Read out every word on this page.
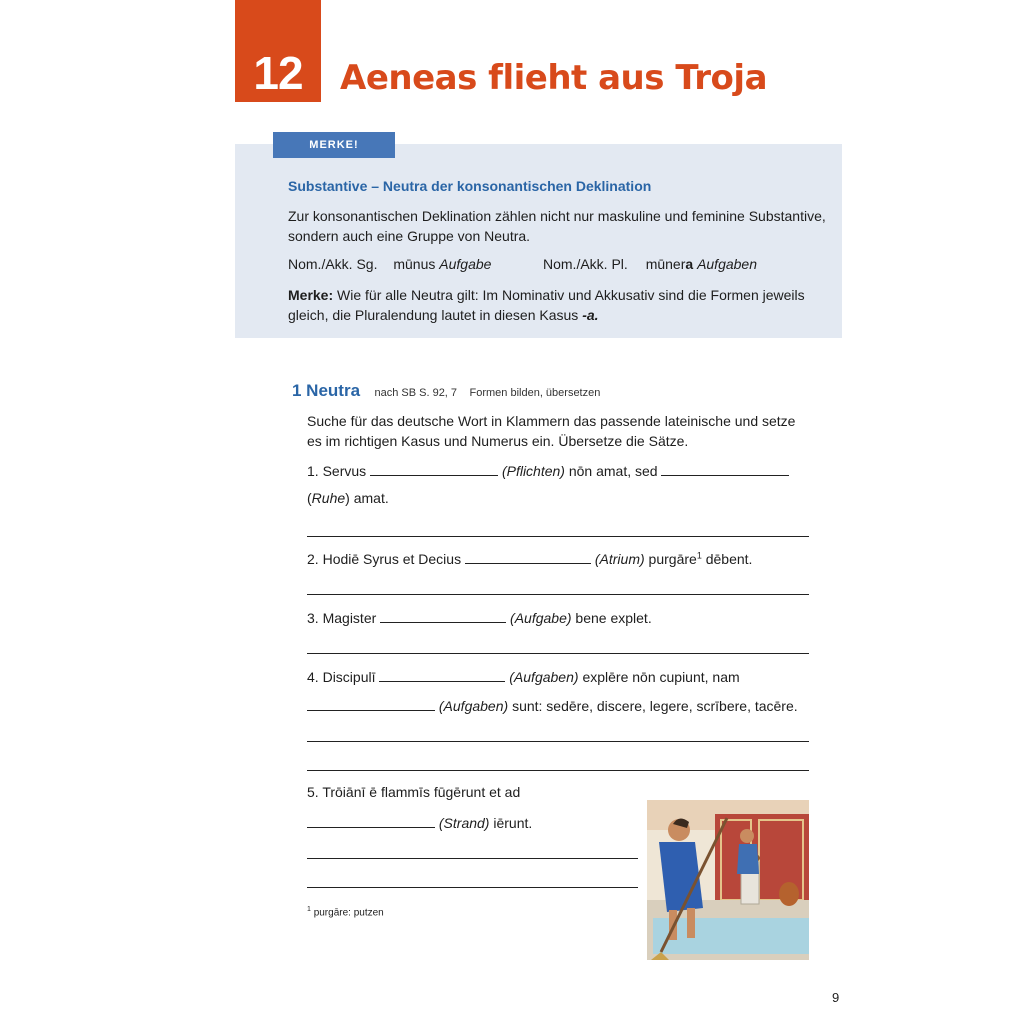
12 Aeneas flieht aus Troja
MERKE!
Substantive – Neutra der konsonantischen Deklination
Zur konsonantischen Deklination zählen nicht nur maskuline und feminine Substantive, sondern auch eine Gruppe von Neutra.
Nom./Akk. Sg. mūnus Aufgabe	Nom./Akk. Pl. mūnera Aufgaben
Merke: Wie für alle Neutra gilt: Im Nominativ und Akkusativ sind die Formen jeweils gleich, die Pluralendung lautet in diesen Kasus -a.
1 Neutra nach SB S. 92, 7 Formen bilden, übersetzen
Suche für das deutsche Wort in Klammern das passende lateinische und setze es im richtigen Kasus und Numerus ein. Übersetze die Sätze.
1. Servus	(Pflichten) nōn amat, sed
(Ruhe) amat.
2. Hodiē Syrus et Decius	(Atrium) purgāre$^1$ dēbent.
3. Magister	(Aufgabe) bene explet.
4. Discipulī	(Aufgaben) explēre nōn cupiunt, nam
(Aufgaben) sunt: sedēre, discere, legere, scrībere, tacēre.
5. Trōiānī ē flammīs fūgērunt et ad
(Strand) iērunt.
$^1$ purgāre: putzen
9
